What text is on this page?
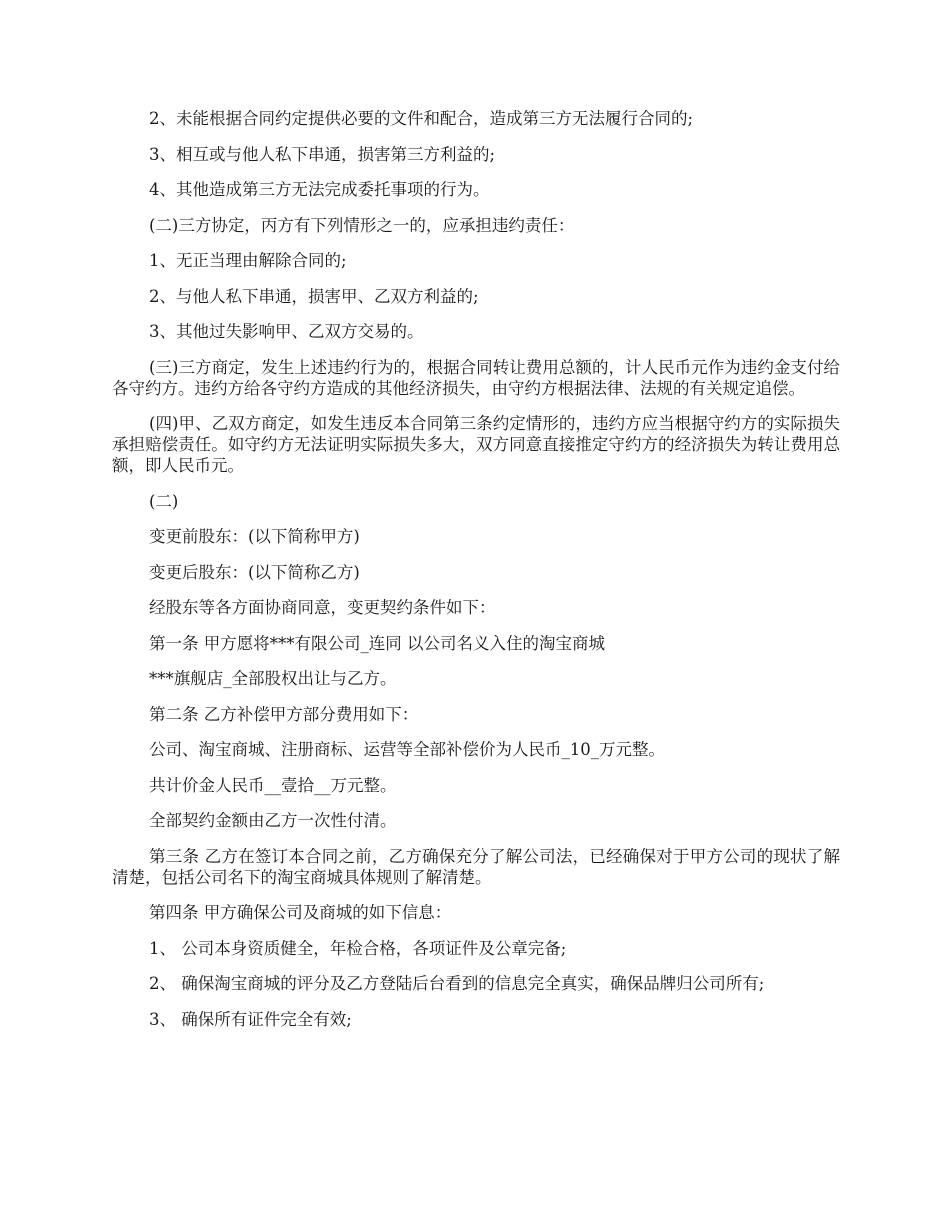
2、未能根据合同约定提供必要的文件和配合，造成第三方无法履行合同的;

3、相互或与他人私下串通，损害第三方利益的;

4、其他造成第三方无法完成委托事项的行为。

(二)三方协定，丙方有下列情形之一的，应承担违约责任：

1、无正当理由解除合同的;

2、与他人私下串通，损害甲、乙双方利益的;

3、其他过失影响甲、乙双方交易的。

(三)三方商定，发生上述违约行为的，根据合同转让费用总额的，计人民币元作为违约金支付给各守约方。违约方给各守约方造成的其他经济损失，由守约方根据法律、法规的有关规定追偿。

(四)甲、乙双方商定，如发生违反本合同第三条约定情形的，违约方应当根据守约方的实际损失承担赔偿责任。如守约方无法证明实际损失多大，双方同意直接推定守约方的经济损失为转让费用总额，即人民币元。

(二)

变更前股东：(以下简称甲方)

变更后股东：(以下简称乙方)

经股东等各方面协商同意，变更契约条件如下：

第一条 甲方愿将***有限公司_连同 以公司名义入住的淘宝商城

***旗舰店_全部股权出让与乙方。

第二条 乙方补偿甲方部分费用如下：

公司、淘宝商城、注册商标、运营等全部补偿价为人民币_10_万元整。

共计价金人民币__壹拾__万元整。

全部契约金额由乙方一次性付清。

第三条 乙方在签订本合同之前，乙方确保充分了解公司法，已经确保对于甲方公司的现状了解清楚，包括公司名下的淘宝商城具体规则了解清楚。

第四条 甲方确保公司及商城的如下信息：

1、 公司本身资质健全，年检合格，各项证件及公章完备;

2、 确保淘宝商城的评分及乙方登陆后台看到的信息完全真实，确保品牌归公司所有;

3、 确保所有证件完全有效;
